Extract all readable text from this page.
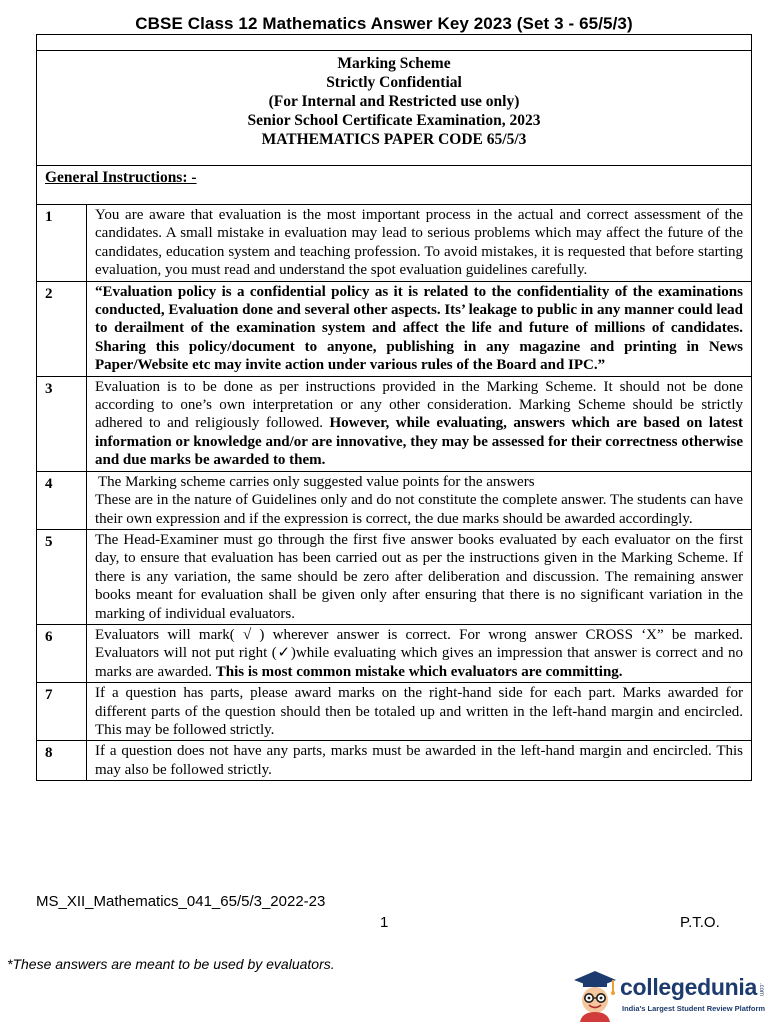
CBSE Class 12 Mathematics Answer Key 2023 (Set 3 - 65/5/3)

Marking Scheme
Strictly Confidential
(For Internal and Restricted use only)
Senior School Certificate Examination, 2023
MATHEMATICS PAPER CODE 65/5/3	

General Instructions: -	
1	You are aware that evaluation is the most important process in the actual and correct assessment of the candidates. A small mistake in evaluation may lead to serious problems which may affect the future of the candidates, education system and teaching profession. To avoid mistakes, it is requested that before starting evaluation, you must read and understand the spot evaluation guidelines carefully.
2	“Evaluation policy is a confidential policy as it is related to the confidentiality of the examinations conducted, Evaluation done and several other aspects. Its’ leakage to public in any manner could lead to derailment of the examination system and affect the life and future of millions of candidates. Sharing this policy/document to anyone, publishing in any magazine and printing in News Paper/Website etc may invite action under various rules of the Board and IPC.”
3	Evaluation is to be done as per instructions provided in the Marking Scheme. It should not be done according to one’s own interpretation or any other consideration. Marking Scheme should be strictly adhered to and religiously followed. However, while evaluating, answers which are based on latest information or knowledge and/or are innovative, they may be assessed for their correctness otherwise and due marks be awarded to them.
4	The Marking scheme carries only suggested value points for the answers
These are in the nature of Guidelines only and do not constitute the complete answer. The students can have their own expression and if the expression is correct, the due marks should be awarded accordingly.

5	The Head-Examiner must go through the first five answer books evaluated by each evaluator on the first day, to ensure that evaluation has been carried out as per the instructions given in the Marking Scheme. If there is any variation, the same should be zero after deliberation and discussion. The remaining answer books meant for evaluation shall be given only after ensuring that there is no significant variation in the marking of individual evaluators.
6	Evaluators will mark( √ ) wherever answer is correct. For wrong answer CROSS ‘X” be marked. Evaluators will not put right (✓)while evaluating which gives an impression that answer is correct and no marks are awarded. This is most common mistake which evaluators are committing.
7	If a question has parts, please award marks on the right-hand side for each part. Marks awarded for different parts of the question should then be totaled up and written in the left-hand margin and encircled. This may be followed strictly.
8	If a question does not have any parts, marks must be awarded in the left-hand margin and encircled. This may also be followed strictly.
MS_XII_Mathematics_041_65/5/3_2022-23
1	P.T.O.
*These answers are meant to be used by evaluators.
collegedunia .com
India's Largest Student Review Platform
